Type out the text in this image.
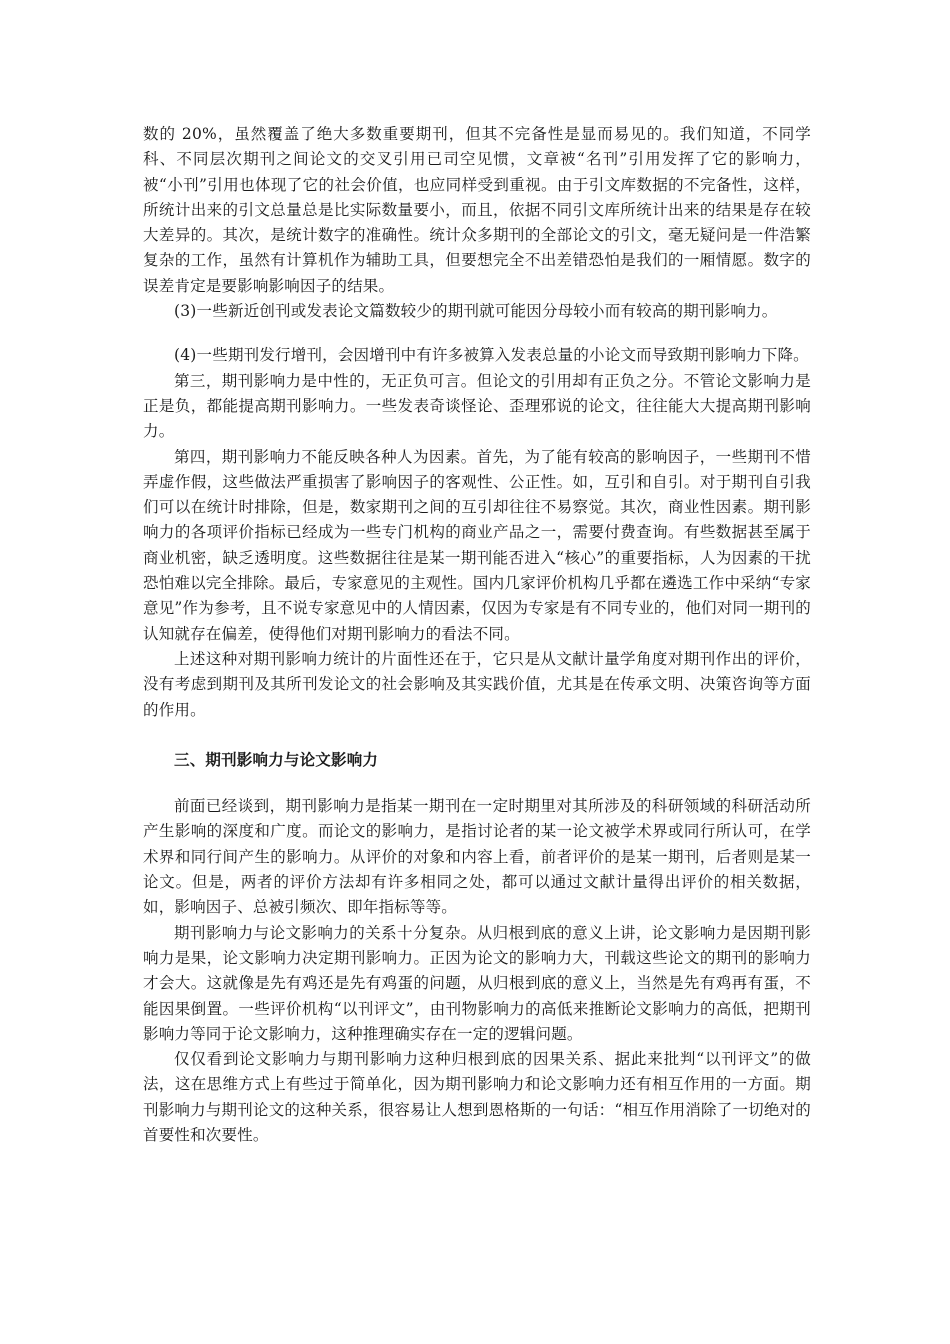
数的 20%，虽然覆盖了绝大多数重要期刊，但其不完备性是显而易见的。我们知道，不同学科、不同层次期刊之间论文的交叉引用已司空见惯，文章被“名刊”引用发挥了它的影响力，被“小刊”引用也体现了它的社会价值，也应同样受到重视。由于引文库数据的不完备性，这样，所统计出来的引文总量总是比实际数量要小，而且，依据不同引文库所统计出来的结果是存在较大差异的。其次，是统计数字的准确性。统计众多期刊的全部论文的引文，毫无疑问是一件浩繁复杂的工作，虽然有计算机作为辅助工具，但要想完全不出差错恐怕是我们的一厢情愿。数字的误差肯定是要影响影响因子的结果。

(3)一些新近创刊或发表论文篇数较少的期刊就可能因分母较小而有较高的期刊影响力。

(4)一些期刊发行增刊，会因增刊中有许多被算入发表总量的小论文而导致期刊影响力下降。

第三，期刊影响力是中性的，无正负可言。但论文的引用却有正负之分。不管论文影响力是正是负，都能提高期刊影响力。一些发表奇谈怪论、歪理邪说的论文，往往能大大提高期刊影响力。

第四，期刊影响力不能反映各种人为因素。首先，为了能有较高的影响因子，一些期刊不惜弄虚作假，这些做法严重损害了影响因子的客观性、公正性。如，互引和自引。对于期刊自引我们可以在统计时排除，但是，数家期刊之间的互引却往往不易察觉。其次，商业性因素。期刊影响力的各项评价指标已经成为一些专门机构的商业产品之一，需要付费查询。有些数据甚至属于商业机密，缺乏透明度。这些数据往往是某一期刊能否进入“核心”的重要指标，人为因素的干扰恐怕难以完全排除。最后，专家意见的主观性。国内几家评价机构几乎都在遴选工作中采纳“专家意见”作为参考，且不说专家意见中的人情因素，仅因为专家是有不同专业的，他们对同一期刊的认知就存在偏差，使得他们对期刊影响力的看法不同。

上述这种对期刊影响力统计的片面性还在于，它只是从文献计量学角度对期刊作出的评价，没有考虑到期刊及其所刊发论文的社会影响及其实践价值，尤其是在传承文明、决策咨询等方面的作用。

三、期刊影响力与论文影响力

前面已经谈到，期刊影响力是指某一期刊在一定时期里对其所涉及的科研领域的科研活动所产生影响的深度和广度。而论文的影响力，是指讨论者的某一论文被学术界或同行所认可，在学术界和同行间产生的影响力。从评价的对象和内容上看，前者评价的是某一期刊，后者则是某一论文。但是，两者的评价方法却有许多相同之处，都可以通过文献计量得出评价的相关数据，如，影响因子、总被引频次、即年指标等等。

期刊影响力与论文影响力的关系十分复杂。从归根到底的意义上讲，论文影响力是因期刊影响力是果，论文影响力决定期刊影响力。正因为论文的影响力大，刊载这些论文的期刊的影响力才会大。这就像是先有鸡还是先有鸡蛋的问题，从归根到底的意义上，当然是先有鸡再有蛋，不能因果倒置。一些评价机构“以刊评文”，由刊物影响力的高低来推断论文影响力的高低，把期刊影响力等同于论文影响力，这种推理确实存在一定的逻辑问题。

仅仅看到论文影响力与期刊影响力这种归根到底的因果关系、据此来批判“以刊评文”的做法，这在思维方式上有些过于简单化，因为期刊影响力和论文影响力还有相互作用的一方面。期刊影响力与期刊论文的这种关系，很容易让人想到恩格斯的一句话：“相互作用消除了一切绝对的首要性和次要性。
